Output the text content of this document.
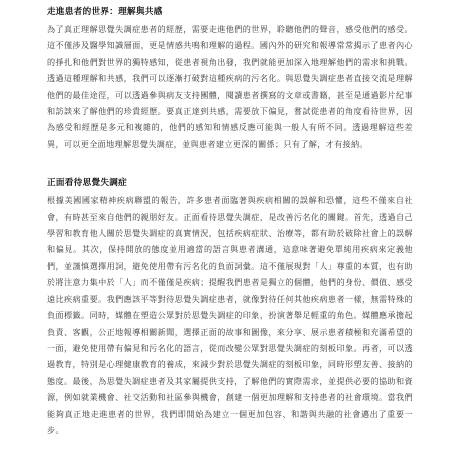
走進患者的世界：理解與共感

為了真正理解思覺失調症患者的經歷，需要走進他們的世界，聆聽他們的聲音，感受他們的感受。這不僅涉及醫學知識層面，更是情感共鳴和理解的過程。國內外的研究和報導常常揭示了患者內心的掙扎和他們對世界的獨特感知，從患者視角出發，我們就能更加深入地理解他們的需求和挑戰。透過這種理解和共感，我們可以逐漸打破對這種疾病的污名化。與思覺失調症患者直接交流是理解他們的最佳途徑，可以透過參與病友支持團體，閱讀患者撰寫的文章或書籍，甚至是通過影片紀事和訪談來了解他們的珍貴經歷。要真正達到共感，需要放下偏見，嘗試從患者的角度看待世界，因為感受和經歷是多元和複雜的，他們的感知和情感反應可能與一般人有所不同。透過理解這些差異，可以更全面地理解思覺失調症，並與患者建立更深的關係；只有了解，才有接納。

正面看待思覺失調症

根據美國國家精神疾病聯盟的報告，許多患者面臨著與疾病相關的誤解和恐懼，這些不僅來自社會，有時甚至來自他們的親朋好友。正面看待思覺失調症，是改善污名化的關鍵。首先，透過自己學習和教育他人關於思覺失調症的真實情況，包括疾病症狀、治療等，都有助於破除社會上的誤解和偏見。其次，保持開放的態度並用適當的語言與患者溝通，這意味著避免單純用疾病來定義他們，並謹慎選擇用詞，避免使用帶有污名化的負面詞彙。這不僅展現對「人」尊重的本質，也有助於將注意力集中於「人」而不僅僅是疾病；提醒我們患者是獨立的個體，他們的身份、價值、感受遠比疾病重要。我們應該平等對待思覺失調症患者，就像對待任何其他疾病患者一樣，無需特殊的負面標籤。同時，媒體在塑造公眾對於思覺失調症的印象，扮演著舉足輕重的角色。媒體應承擔起負責、客觀，公正地報導相關新聞，選擇正面的故事和圖像，來分享、展示患者積極和充滿希望的一面，避免使用帶有偏見和污名化的語言，從而改變公眾對思覺失調症的刻板印象。再者，可以透過教育，特別是心理健康教育的養成，來減少對於思覺失調症的刻板印象，同時形塑友善、接納的態度。最後，為思覺失調症患者及其家屬提供支持，了解他們的實際需求，並提供必要的協助和資源，例如就業機會、社交活動和社區參與機會，創建一個更加理解和支持患者的社會環境。當我們能夠真正地走進患者的世界，我們即開始為建立一個更加包容、和諧與共融的社會邁出了重要一步。
